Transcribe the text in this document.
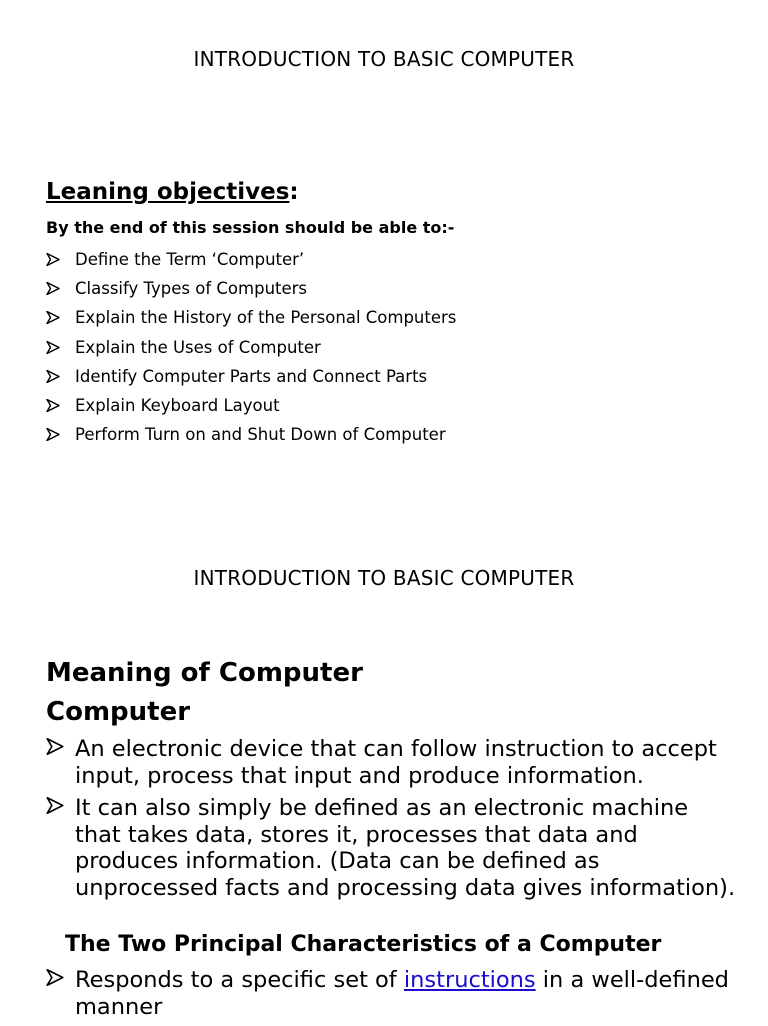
INTRODUCTION TO BASIC COMPUTER
Leaning objectives:
By the end of this session should be able to:-
Define the Term ‘Computer’
Classify Types of Computers
Explain the History of the Personal Computers
Explain the Uses of Computer
Identify Computer Parts and Connect Parts
Explain Keyboard Layout
Perform Turn on and Shut Down of Computer
INTRODUCTION TO BASIC COMPUTER
Meaning of Computer
Computer
An electronic device that can follow instruction to accept input, process that input and produce information.
It can also simply be defined as an electronic machine that takes data, stores it, processes that data and produces information. (Data can be defined as unprocessed facts and processing data gives information).
The Two Principal Characteristics of a Computer
Responds to a specific set of instructions in a well-defined manner
